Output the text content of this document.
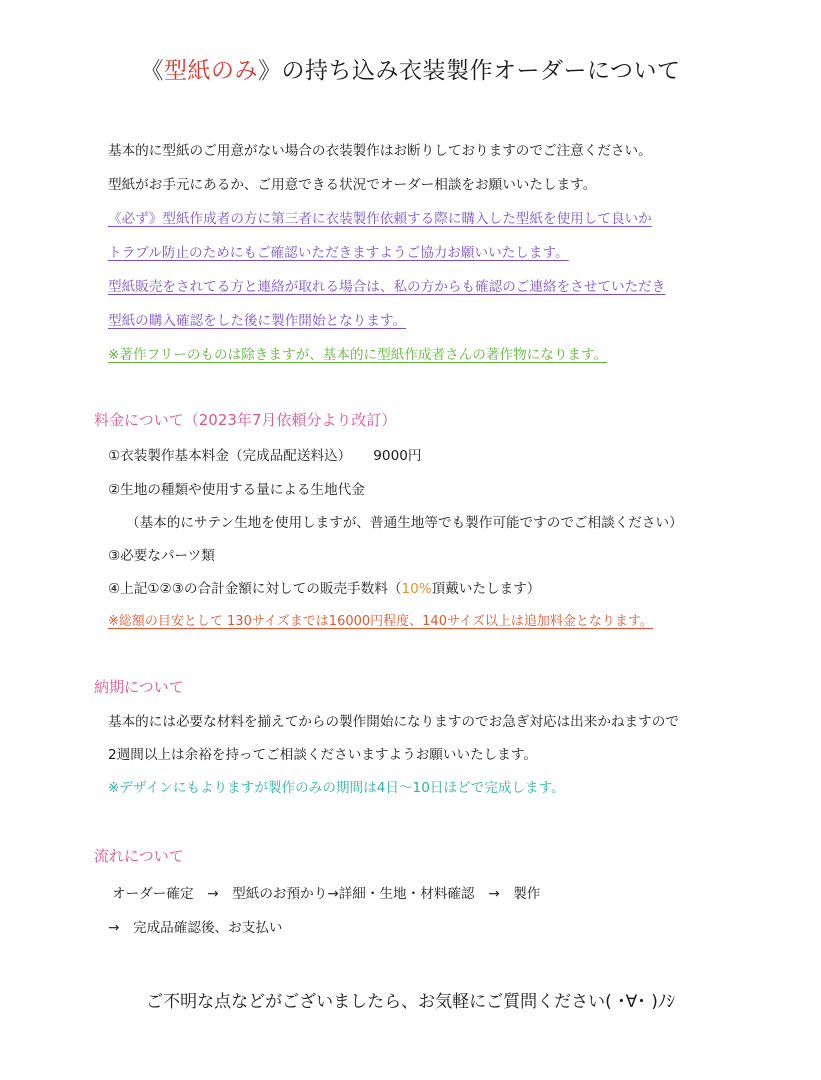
《型紙のみ》の持ち込み衣装製作オーダーについて
基本的に型紙のご用意がない場合の衣装製作はお断りしておりますのでご注意ください。
型紙がお手元にあるか、ご用意できる状況でオーダー相談をお願いいたします。
《必ず》型紙作成者の方に第三者に衣装製作依頼する際に購入した型紙を使用して良いか
トラブル防止のためにもご確認いただきますようご協力お願いいたします。
型紙販売をされてる方と連絡が取れる場合は、私の方からも確認のご連絡をさせていただき
型紙の購入確認をした後に製作開始となります。
※著作フリーのものは除きますが、基本的に型紙作成者さんの著作物になります。
料金について（2023年7月依頼分より改訂）
①衣装製作基本料金（完成品配送料込） 9000円
②生地の種類や使用する量による生地代金
（基本的にサテン生地を使用しますが、普通生地等でも製作可能ですのでご相談ください）
③必要なパーツ類
④上記①②③の合計金額に対しての販売手数料（10%頂戴いたします）
※総額の目安として 130サイズまでは16000円程度、140サイズ以上は追加料金となります。
納期について
基本的には必要な材料を揃えてからの製作開始になりますのでお急ぎ対応は出来かねますので
2週間以上は余裕を持ってご相談くださいますようお願いいたします。
※デザインにもよりますが製作のみの期間は4日〜10日ほどで完成します。
流れについて
オーダー確定　→　型紙のお預かり→詳細・生地・材料確認　→　製作
→　完成品確認後、お支払い
ご不明な点などがございましたら、お気軽にご質問ください( ･∀･ )ﾉｼ
